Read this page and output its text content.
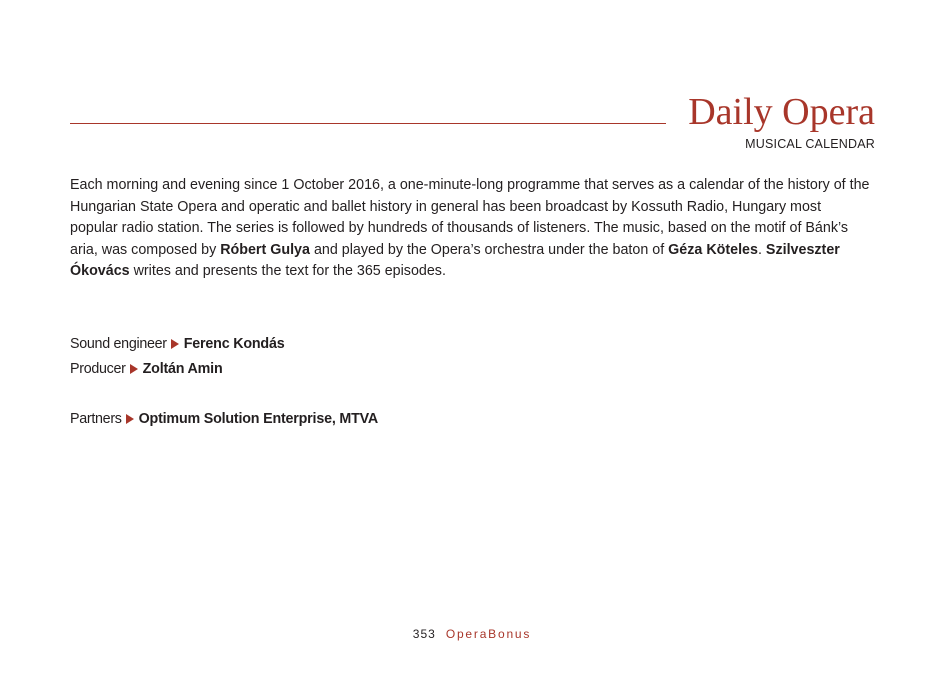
Daily Opera
MUSICAL CALENDAR

Each morning and evening since 1 October 2016, a one-minute-long programme that serves as a calendar of the history of the Hungarian State Opera and operatic and ballet history in general has been broadcast by Kossuth Radio, Hungary most popular radio station. The series is followed by hundreds of thousands of listeners. The music, based on the motif of Bánk’s aria, was composed by Róbert Gulya and played by the Opera’s orchestra under the baton of Géza Köteles. Szilveszter Ókovács writes and presents the text for the 365 episodes.

Sound engineer Ferenc Kondás
Producer Zoltán Amin
Partners Optimum Solution Enterprise, MTVA
353 OperaBonus
